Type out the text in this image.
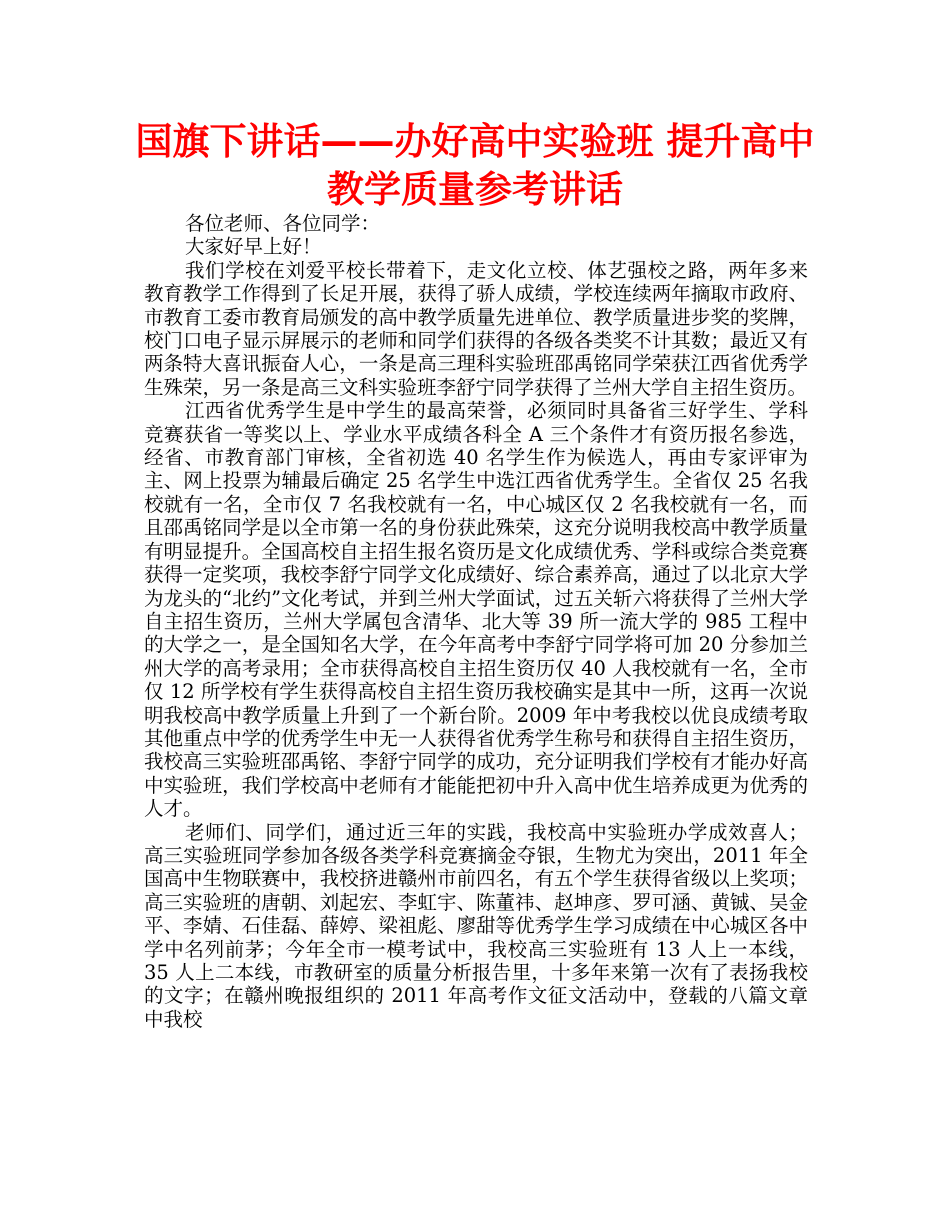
国旗下讲话——办好高中实验班 提升高中教学质量参考讲话

各位老师、各位同学：

大家好早上好！

我们学校在刘爱平校长带着下，走文化立校、体艺强校之路，两年多来教育教学工作得到了长足开展，获得了骄人成绩，学校连续两年摘取市政府、市教育工委市教育局颁发的高中教学质量先进单位、教学质量进步奖的奖牌，校门口电子显示屏展示的老师和同学们获得的各级各类奖不计其数；最近又有两条特大喜讯振奋人心，一条是高三理科实验班邵禹铭同学荣获江西省优秀学生殊荣，另一条是高三文科实验班李舒宁同学获得了兰州大学自主招生资历。

江西省优秀学生是中学生的最高荣誉，必须同时具备省三好学生、学科竞赛获省一等奖以上、学业水平成绩各科全 A 三个条件才有资历报名参选，经省、市教育部门审核，全省初选 40 名学生作为候选人，再由专家评审为主、网上投票为辅最后确定 25 名学生中选江西省优秀学生。全省仅 25 名我校就有一名，全市仅 7 名我校就有一名，中心城区仅 2 名我校就有一名，而且邵禹铭同学是以全市第一名的身份获此殊荣，这充分说明我校高中教学质量有明显提升。全国高校自主招生报名资历是文化成绩优秀、学科或综合类竞赛获得一定奖项，我校李舒宁同学文化成绩好、综合素养高，通过了以北京大学为龙头的“北约”文化考试，并到兰州大学面试，过五关斩六将获得了兰州大学自主招生资历，兰州大学属包含清华、北大等 39 所一流大学的 985 工程中的大学之一，是全国知名大学，在今年高考中李舒宁同学将可加 20 分参加兰州大学的高考录用；全市获得高校自主招生资历仅 40 人我校就有一名，全市仅 12 所学校有学生获得高校自主招生资历我校确实是其中一所，这再一次说明我校高中教学质量上升到了一个新台阶。2009 年中考我校以优良成绩考取其他重点中学的优秀学生中无一人获得省优秀学生称号和获得自主招生资历，我校高三实验班邵禹铭、李舒宁同学的成功，充分证明我们学校有才能办好高中实验班，我们学校高中老师有才能能把初中升入高中优生培养成更为优秀的人才。

老师们、同学们，通过近三年的实践，我校高中实验班办学成效喜人；高三实验班同学参加各级各类学科竞赛摘金夺银，生物尤为突出，2011 年全国高中生物联赛中，我校挤进赣州市前四名，有五个学生获得省级以上奖项；高三实验班的唐朝、刘起宏、李虹宇、陈董祎、赵坤彦、罗可涵、黄铖、吴金平、李婧、石佳磊、薛婷、梁祖彪、廖甜等优秀学生学习成绩在中心城区各中学中名列前茅；今年全市一模考试中，我校高三实验班有 13 人上一本线，35 人上二本线，市教研室的质量分析报告里，十多年来第一次有了表扬我校的文字；在赣州晚报组织的 2011 年高考作文征文活动中，登载的八篇文章中我校
